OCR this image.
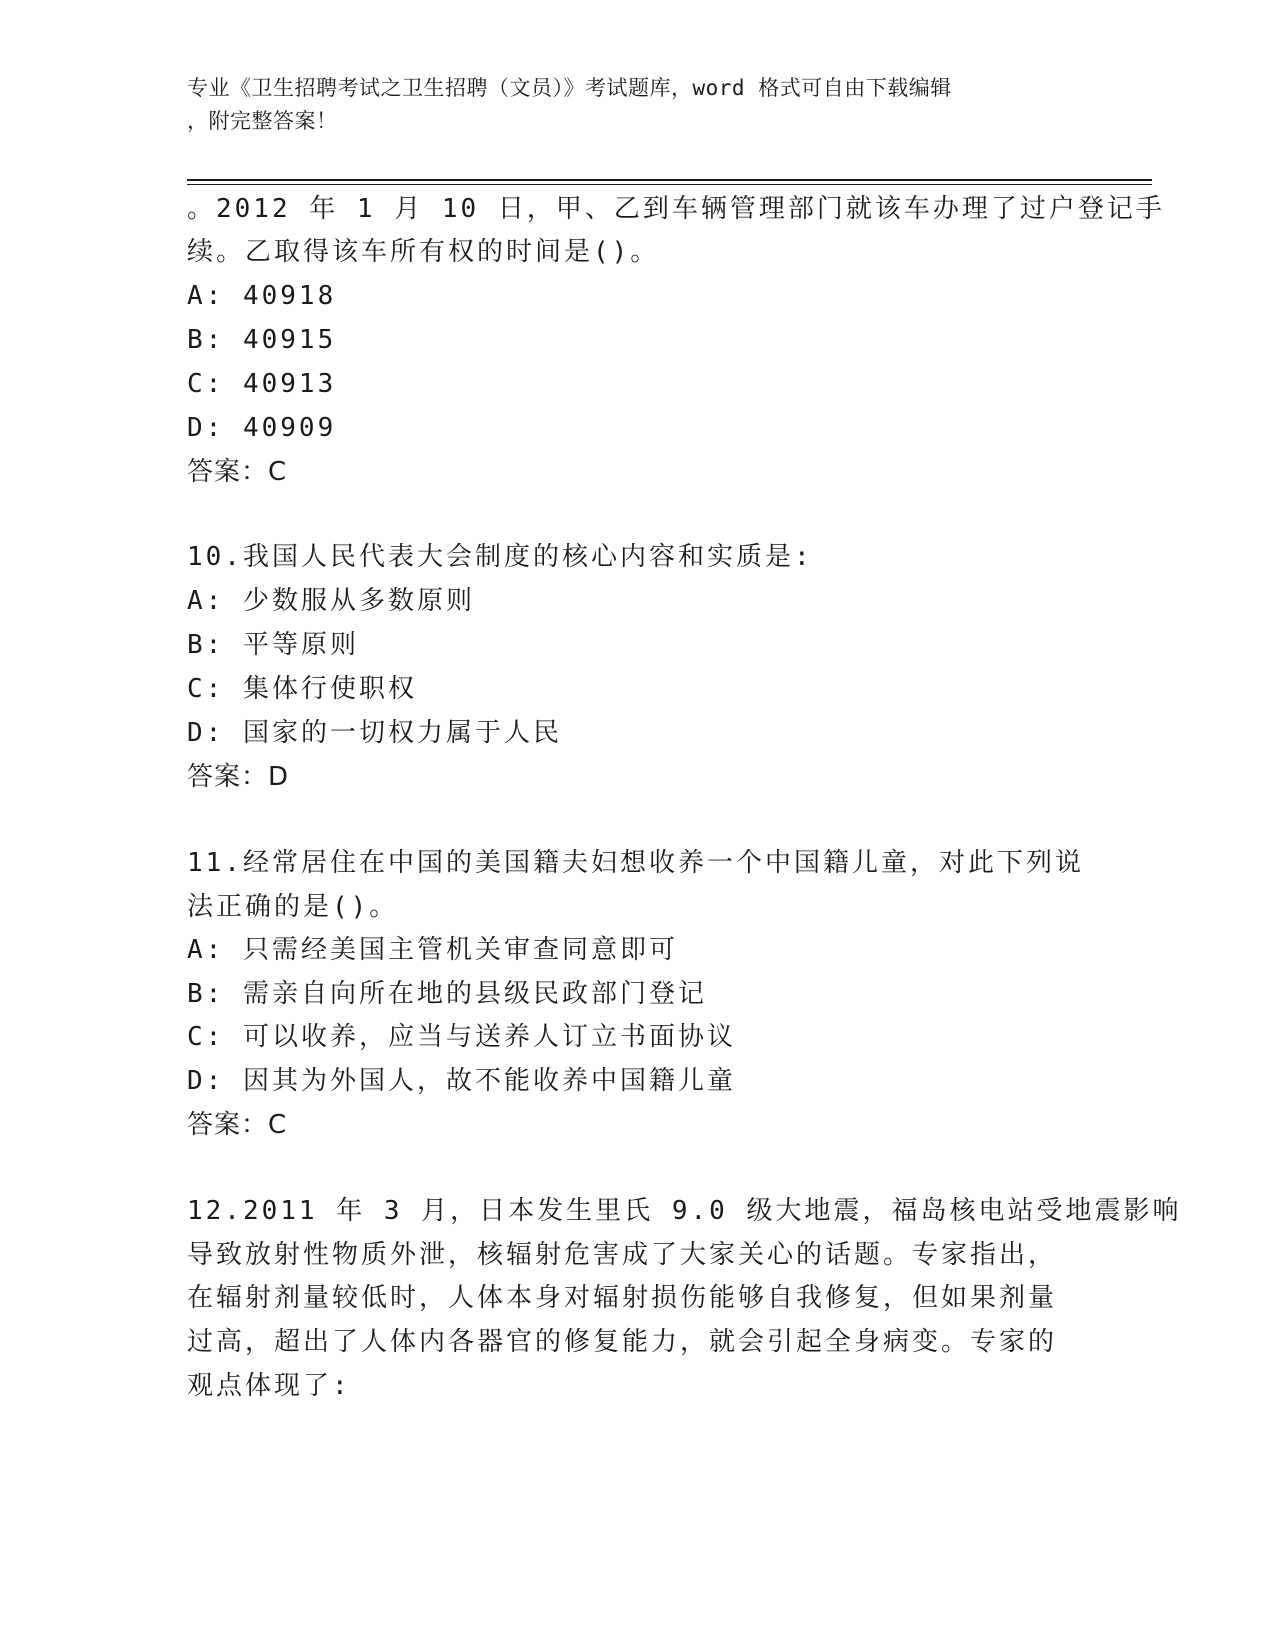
专业《卫生招聘考试之卫生招聘（文员）》考试题库，word 格式可自由下载编辑
，附完整答案！
。2012 年 1 月 10 日，甲、乙到车辆管理部门就该车办理了过户登记手
续。乙取得该车所有权的时间是()。
A: 40918
B: 40915
C: 40913
D: 40909
答案：C
10.我国人民代表大会制度的核心内容和实质是:
A: 少数服从多数原则
B: 平等原则
C: 集体行使职权
D: 国家的一切权力属于人民
答案：D
11.经常居住在中国的美国籍夫妇想收养一个中国籍儿童，对此下列说
法正确的是()。
A: 只需经美国主管机关审查同意即可
B: 需亲自向所在地的县级民政部门登记
C: 可以收养，应当与送养人订立书面协议
D: 因其为外国人，故不能收养中国籍儿童
答案：C
12.2011 年 3 月，日本发生里氏 9.0 级大地震，福岛核电站受地震影响
导致放射性物质外泄，核辐射危害成了大家关心的话题。专家指出，
在辐射剂量较低时，人体本身对辐射损伤能够自我修复，但如果剂量
过高，超出了人体内各器官的修复能力，就会引起全身病变。专家的
观点体现了:
